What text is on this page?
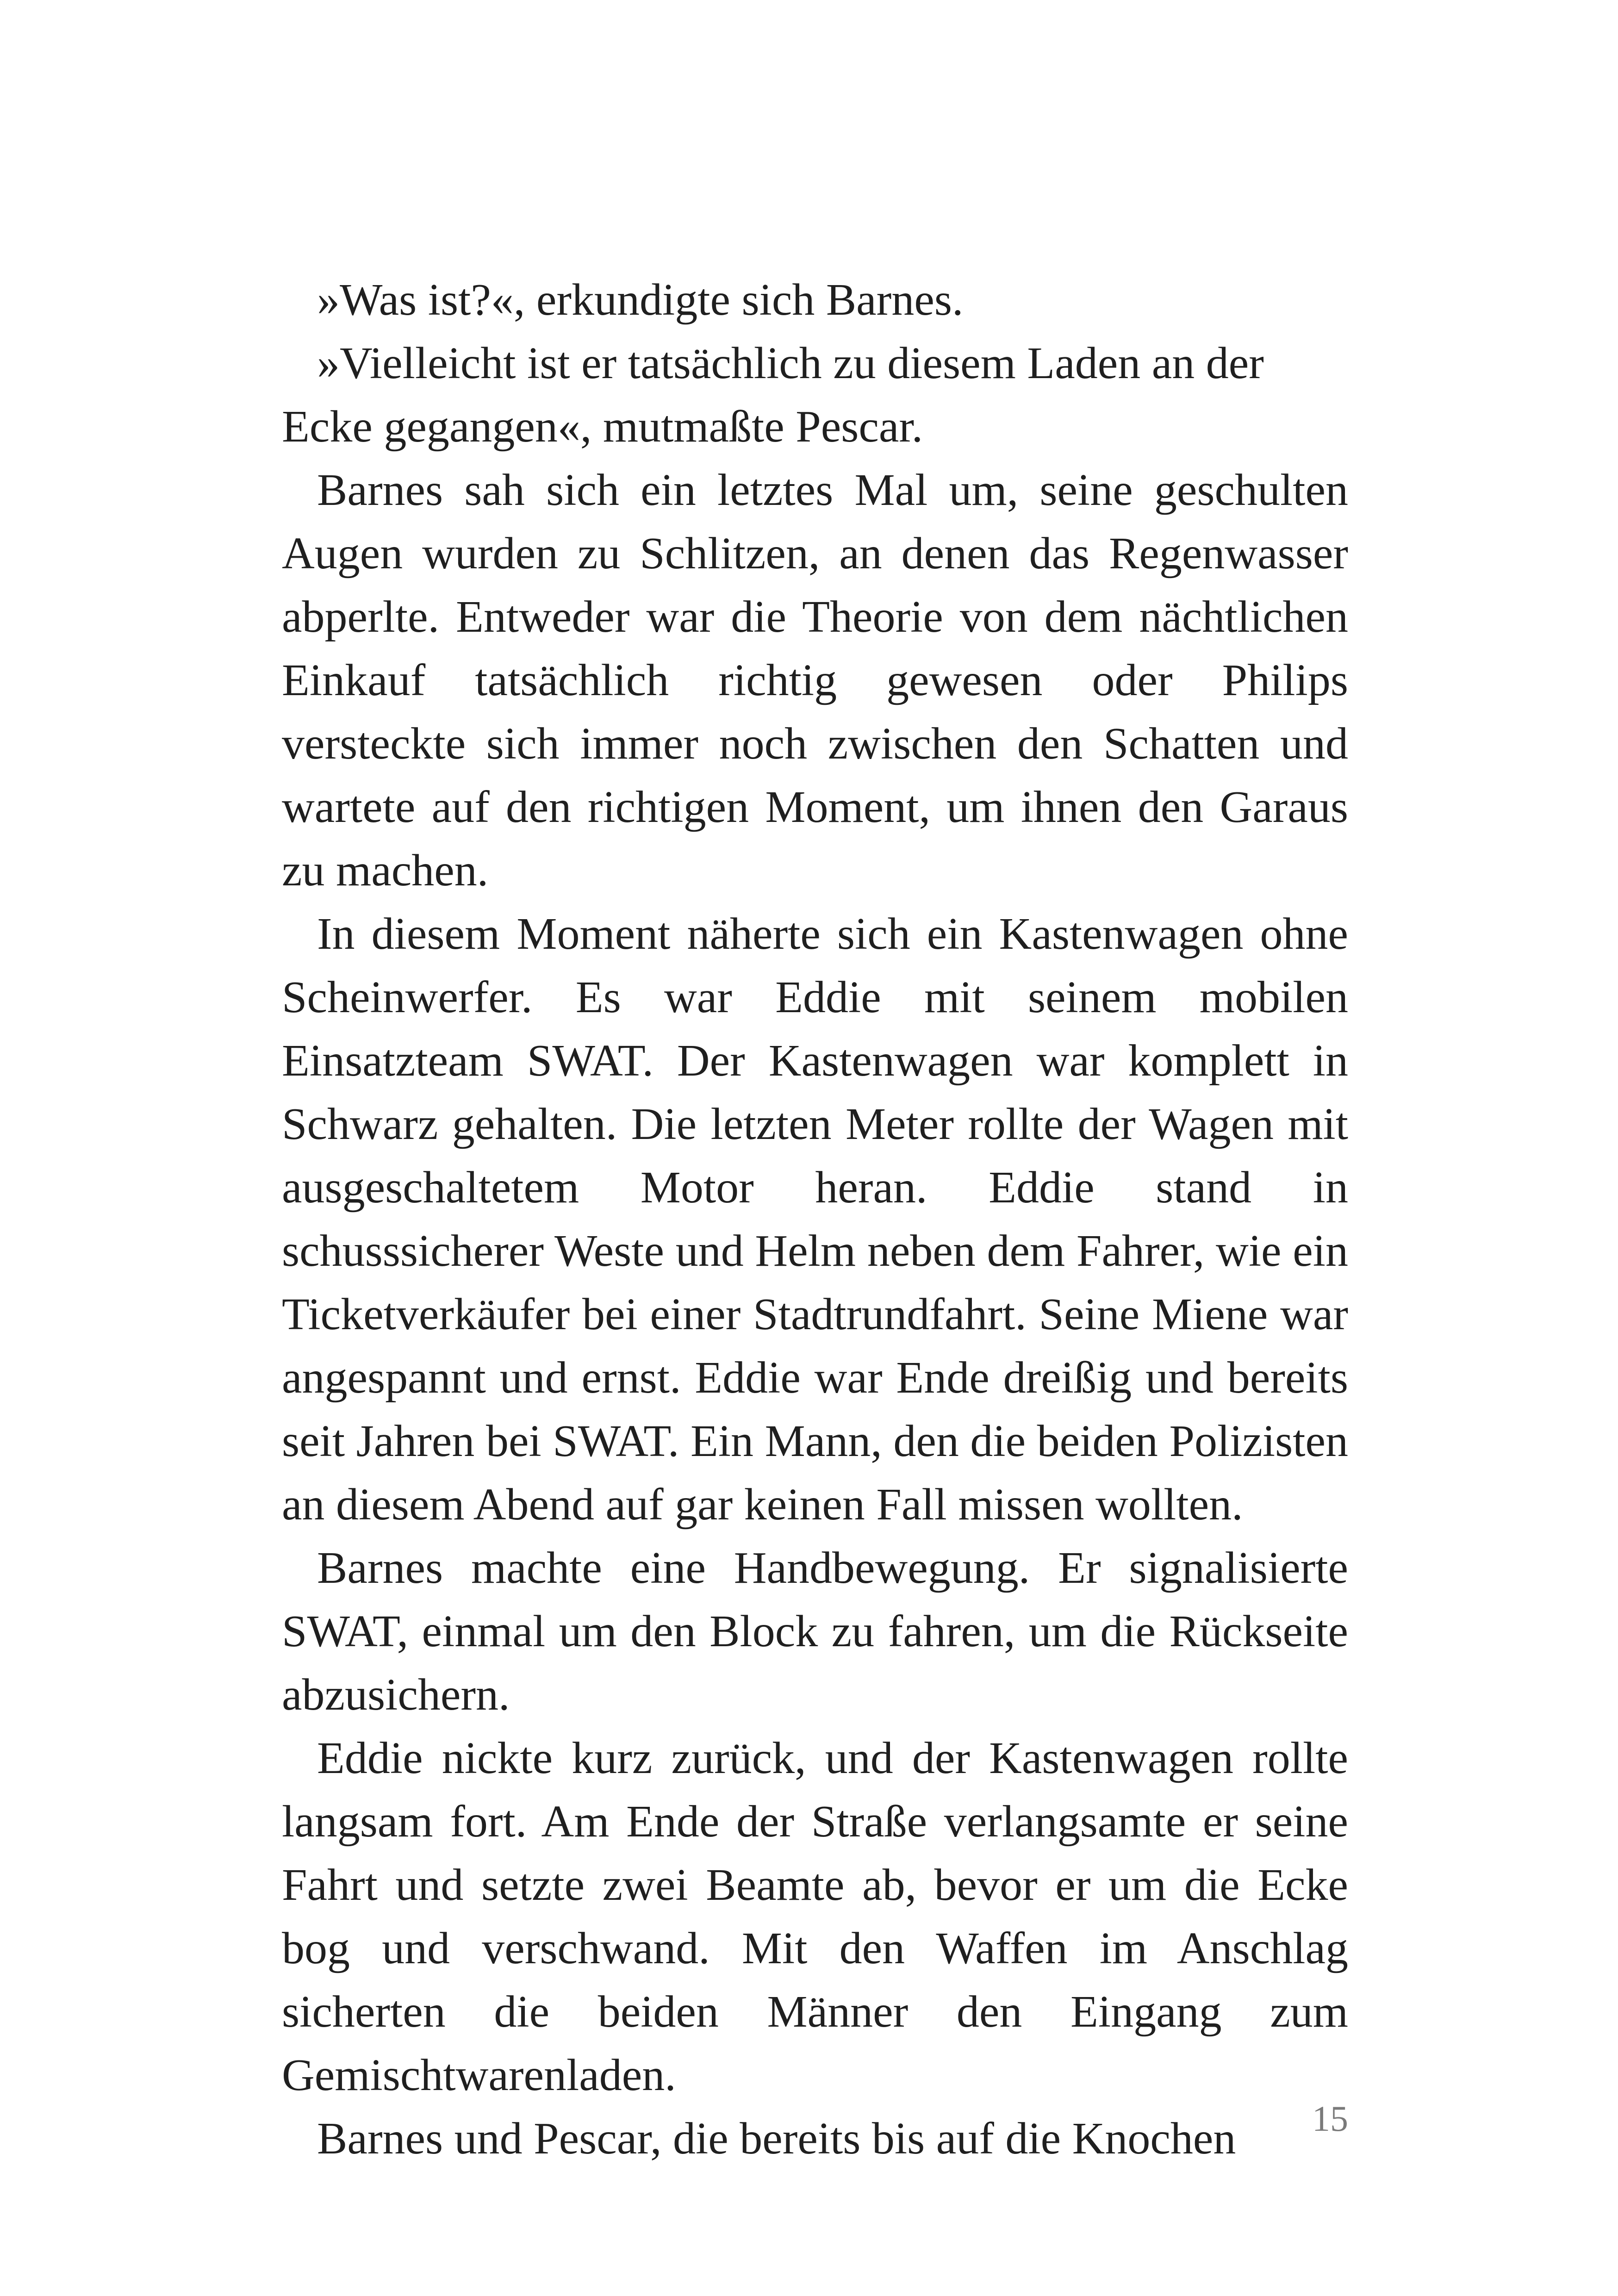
»Was ist?«, erkundigte sich Barnes.

»Vielleicht ist er tatsächlich zu diesem Laden an der Ecke gegangen«, mutmaßte Pescar.

Barnes sah sich ein letztes Mal um, seine geschulten Augen wurden zu Schlitzen, an denen das Regenwasser abperlte. Entweder war die Theorie von dem nächtlichen Einkauf tatsächlich richtig gewesen oder Philips versteckte sich immer noch zwischen den Schatten und wartete auf den richtigen Moment, um ihnen den Garaus zu machen.

In diesem Moment näherte sich ein Kastenwagen ohne Scheinwerfer. Es war Eddie mit seinem mobilen Einsatzteam SWAT. Der Kastenwagen war komplett in Schwarz gehalten. Die letzten Meter rollte der Wagen mit ausgeschaltetem Motor heran. Eddie stand in schusssicherer Weste und Helm neben dem Fahrer, wie ein Ticketverkäufer bei einer Stadtrundfahrt. Seine Miene war angespannt und ernst. Eddie war Ende dreißig und bereits seit Jahren bei SWAT. Ein Mann, den die beiden Polizisten an diesem Abend auf gar keinen Fall missen wollten.

Barnes machte eine Handbewegung. Er signalisierte SWAT, einmal um den Block zu fahren, um die Rückseite abzusichern.

Eddie nickte kurz zurück, und der Kastenwagen rollte langsam fort. Am Ende der Straße verlangsamte er seine Fahrt und setzte zwei Beamte ab, bevor er um die Ecke bog und verschwand. Mit den Waffen im Anschlag sicherten die beiden Männer den Eingang zum Gemischtwarenladen.

Barnes und Pescar, die bereits bis auf die Knochen	15
